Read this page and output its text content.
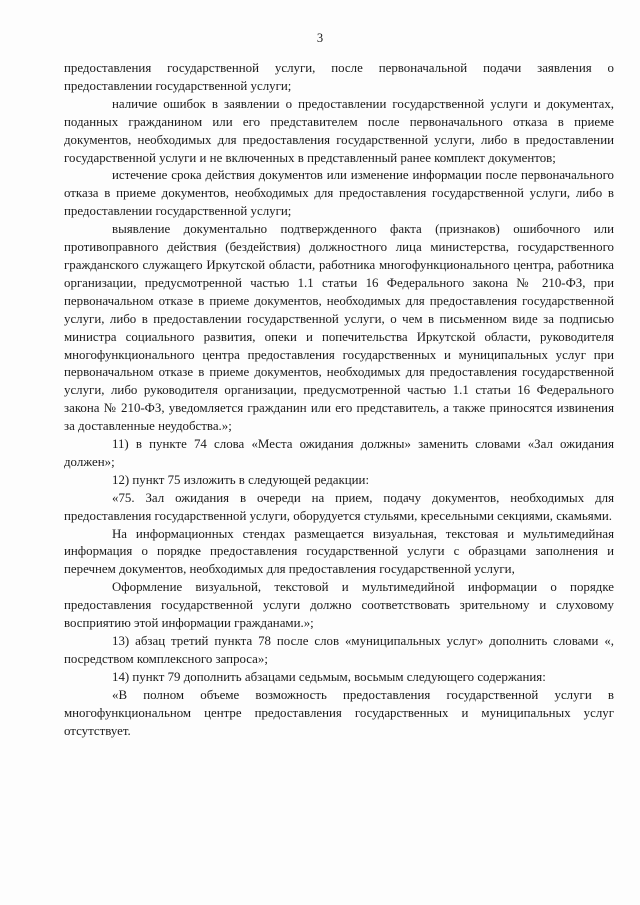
3

предоставления государственной услуги, после первоначальной подачи заявления о предоставлении государственной услуги;

наличие ошибок в заявлении о предоставлении государственной услуги и документах, поданных гражданином или его представителем после первоначального отказа в приеме документов, необходимых для предоставления государственной услуги, либо в предоставлении государственной услуги и не включенных в представленный ранее комплект документов;

истечение срока действия документов или изменение информации после первоначального отказа в приеме документов, необходимых для предоставления государственной услуги, либо в предоставлении государственной услуги;

выявление документально подтвержденного факта (признаков) ошибочного или противоправного действия (бездействия) должностного лица министерства, государственного гражданского служащего Иркутской области, работника многофункционального центра, работника организации, предусмотренной частью 1.1 статьи 16 Федерального закона № 210-ФЗ, при первоначальном отказе в приеме документов, необходимых для предоставления государственной услуги, либо в предоставлении государственной услуги, о чем в письменном виде за подписью министра социального развития, опеки и попечительства Иркутской области, руководителя многофункционального центра предоставления государственных и муниципальных услуг при первоначальном отказе в приеме документов, необходимых для предоставления государственной услуги, либо руководителя организации, предусмотренной частью 1.1 статьи 16 Федерального закона № 210-ФЗ, уведомляется гражданин или его представитель, а также приносятся извинения за доставленные неудобства.»;

11) в пункте 74 слова «Места ожидания должны» заменить словами «Зал ожидания должен»;

12) пункт 75 изложить в следующей редакции:

«75. Зал ожидания в очереди на прием, подачу документов, необходимых для предоставления государственной услуги, оборудуется стульями, кресельными секциями, скамьями.

На информационных стендах размещается визуальная, текстовая и мультимедийная информация о порядке предоставления государственной услуги с образцами заполнения и перечнем документов, необходимых для предоставления государственной услуги,

Оформление визуальной, текстовой и мультимедийной информации о порядке предоставления государственной услуги должно соответствовать зрительному и слуховому восприятию этой информации гражданами.»;

13) абзац третий пункта 78 после слов «муниципальных услуг» дополнить словами «, посредством комплексного запроса»;

14) пункт 79 дополнить абзацами седьмым, восьмым следующего содержания:

«В полном объеме возможность предоставления государственной услуги в многофункциональном центре предоставления государственных и муниципальных услуг отсутствует.
